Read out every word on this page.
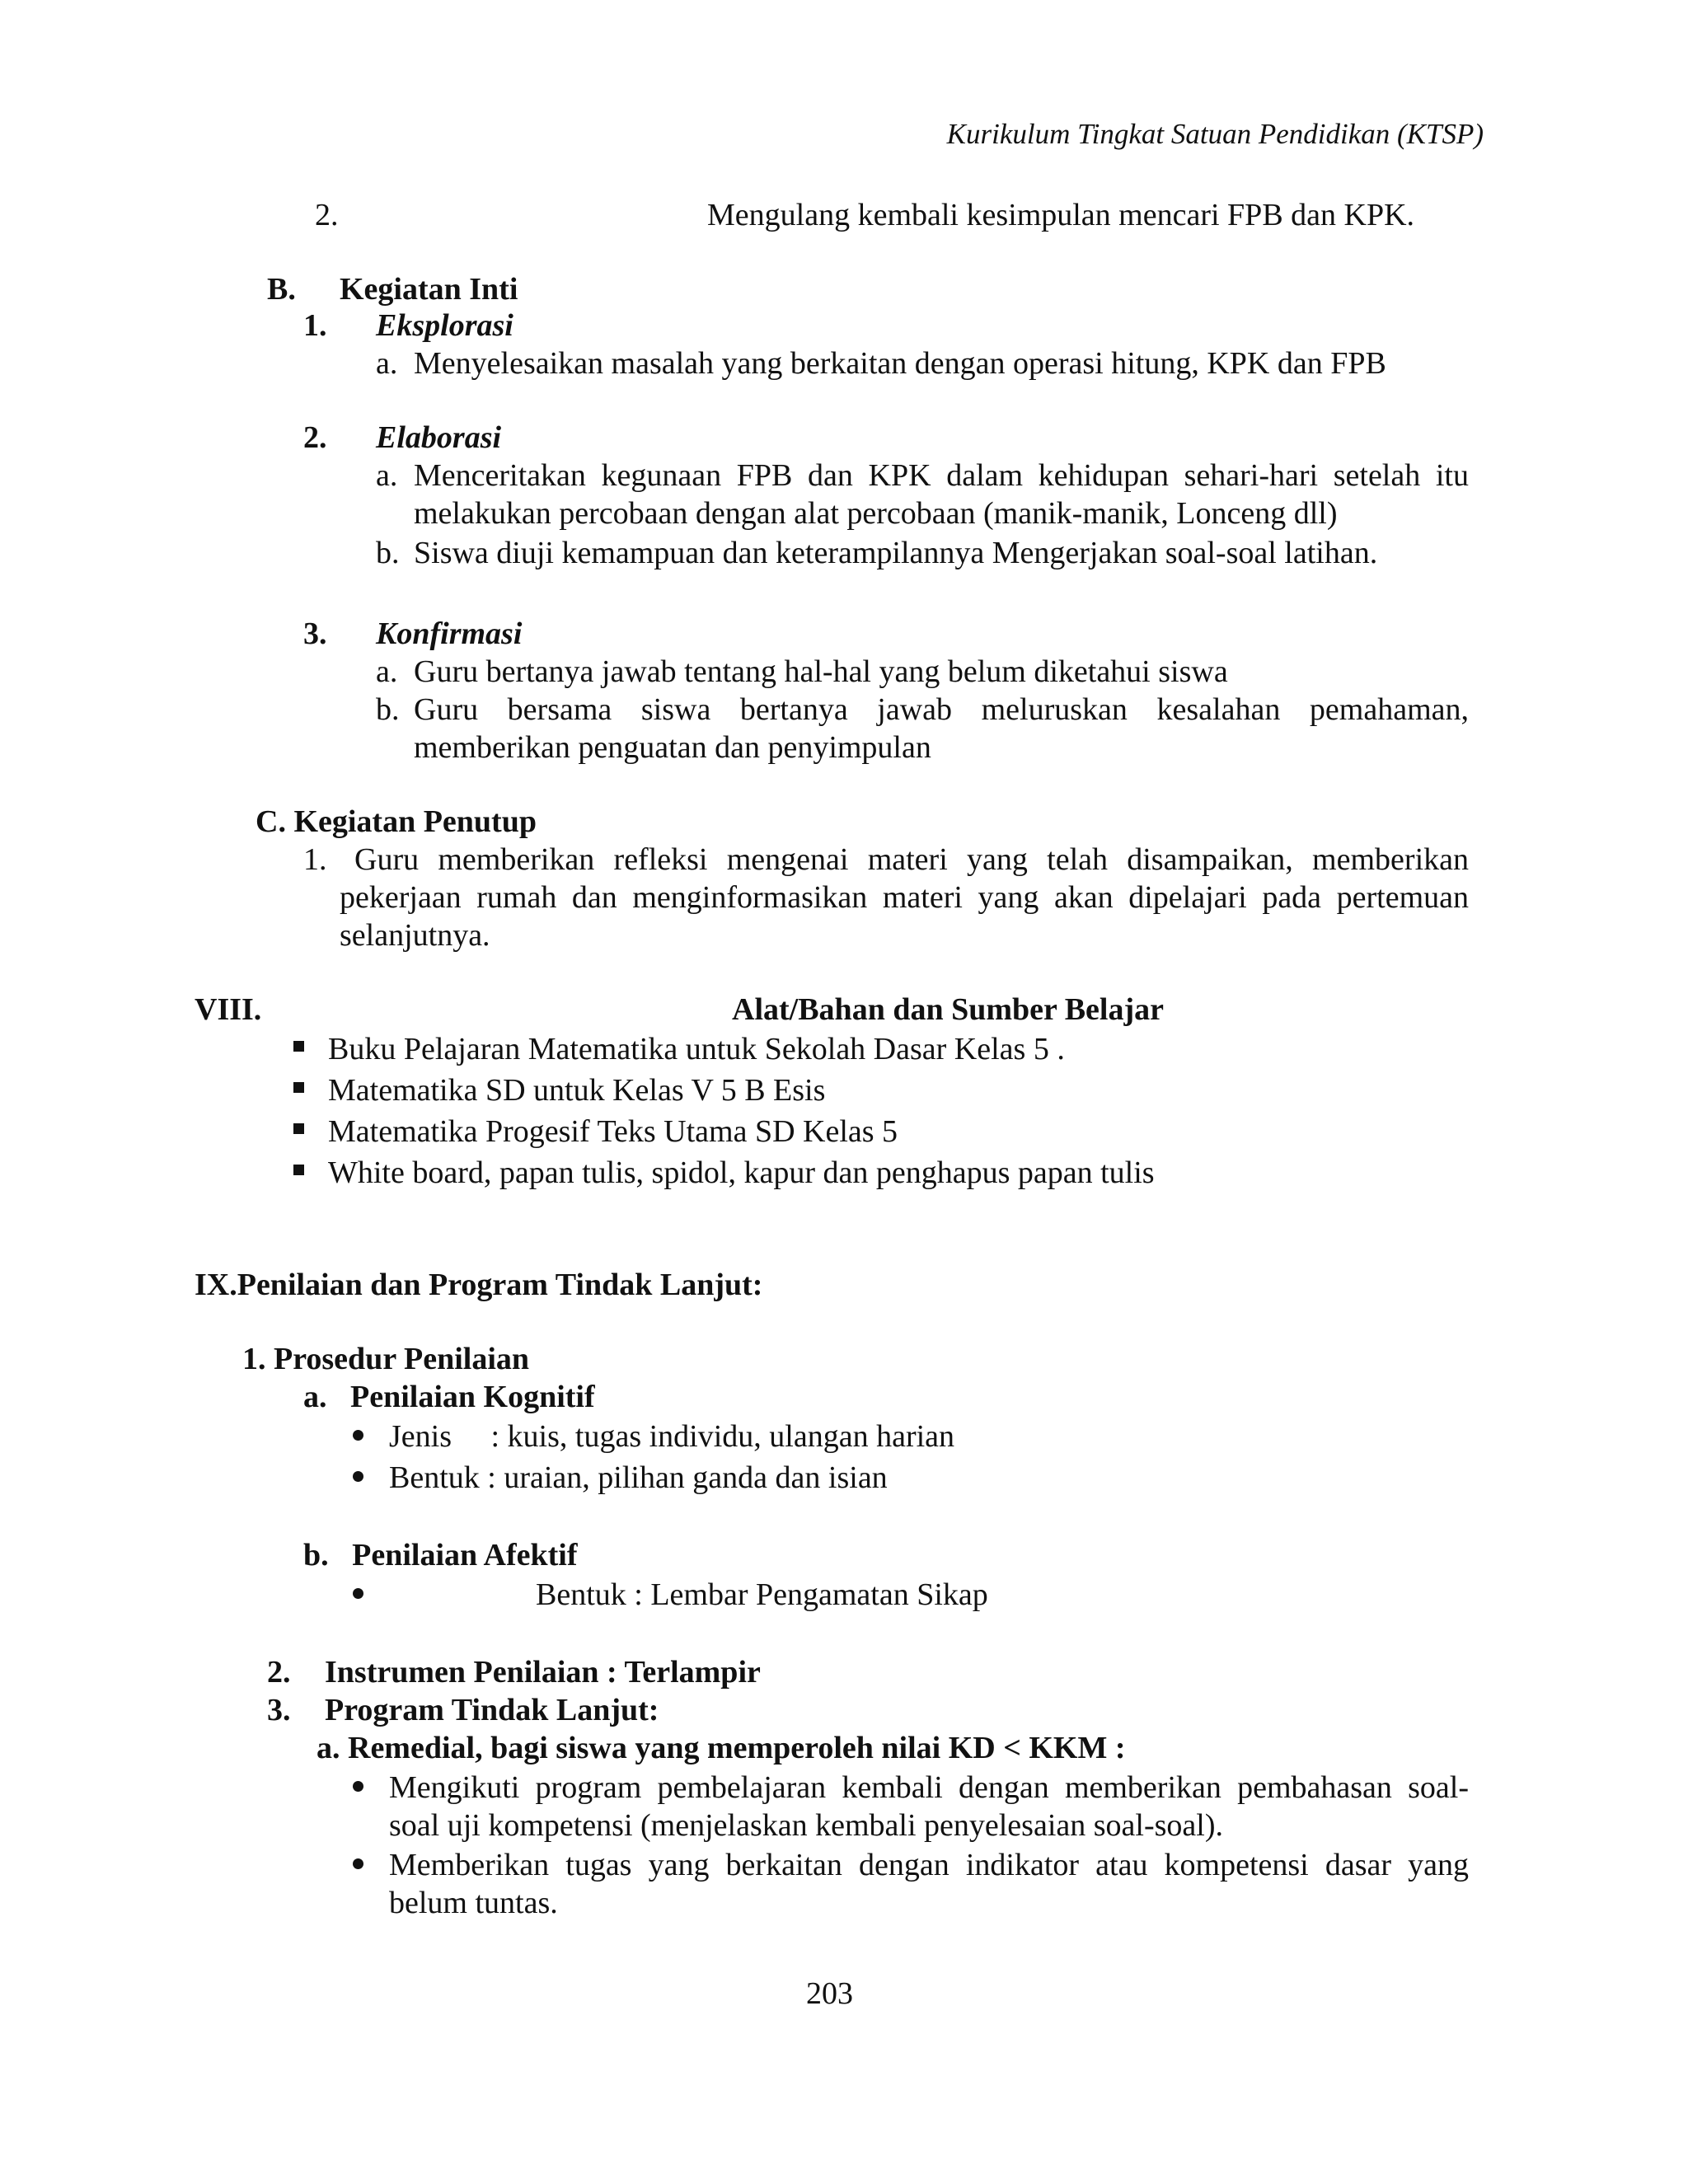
Kurikulum Tingkat Satuan Pendidikan (KTSP)
2.	Mengulang kembali kesimpulan mencari FPB dan KPK.
B. Kegiatan Inti
1. Eksplorasi
a. Menyelesaikan masalah yang berkaitan dengan operasi hitung, KPK dan FPB
2. Elaborasi
a. Menceritakan kegunaan FPB dan KPK dalam kehidupan sehari-hari setelah itu
melakukan percobaan dengan alat percobaan (manik-manik, Lonceng dll)
b. Siswa diuji kemampuan dan keterampilannya Mengerjakan soal-soal latihan.
3. Konfirmasi
a. Guru bertanya jawab tentang hal-hal yang belum diketahui siswa
b. Guru bersama siswa bertanya jawab meluruskan kesalahan pemahaman,
memberikan penguatan dan penyimpulan
C. Kegiatan Penutup
1. Guru memberikan refleksi mengenai materi yang telah disampaikan, memberikan
pekerjaan rumah dan menginformasikan materi yang akan dipelajari pada pertemuan
selanjutnya.
VIII.	Alat/Bahan dan Sumber Belajar
Buku Pelajaran Matematika untuk Sekolah Dasar Kelas 5 .
Matematika SD untuk Kelas V 5 B Esis
Matematika Progesif Teks Utama SD Kelas 5
White board, papan tulis, spidol, kapur dan penghapus papan tulis
IX.Penilaian dan Program Tindak Lanjut:
1. Prosedur Penilaian
a.   Penilaian Kognitif
Jenis     : kuis, tugas individu, ulangan harian
Bentuk : uraian, pilihan ganda dan isian
b.   Penilaian Afektif
Bentuk : Lembar Pengamatan Sikap
2. Instrumen Penilaian : Terlampir
3. Program Tindak Lanjut:
a. Remedial, bagi siswa yang memperoleh nilai KD < KKM :
Mengikuti program pembelajaran kembali dengan memberikan pembahasan soal-
soal uji kompetensi (menjelaskan kembali penyelesaian soal-soal).
Memberikan tugas yang berkaitan dengan indikator atau kompetensi dasar yang
belum tuntas.
203
